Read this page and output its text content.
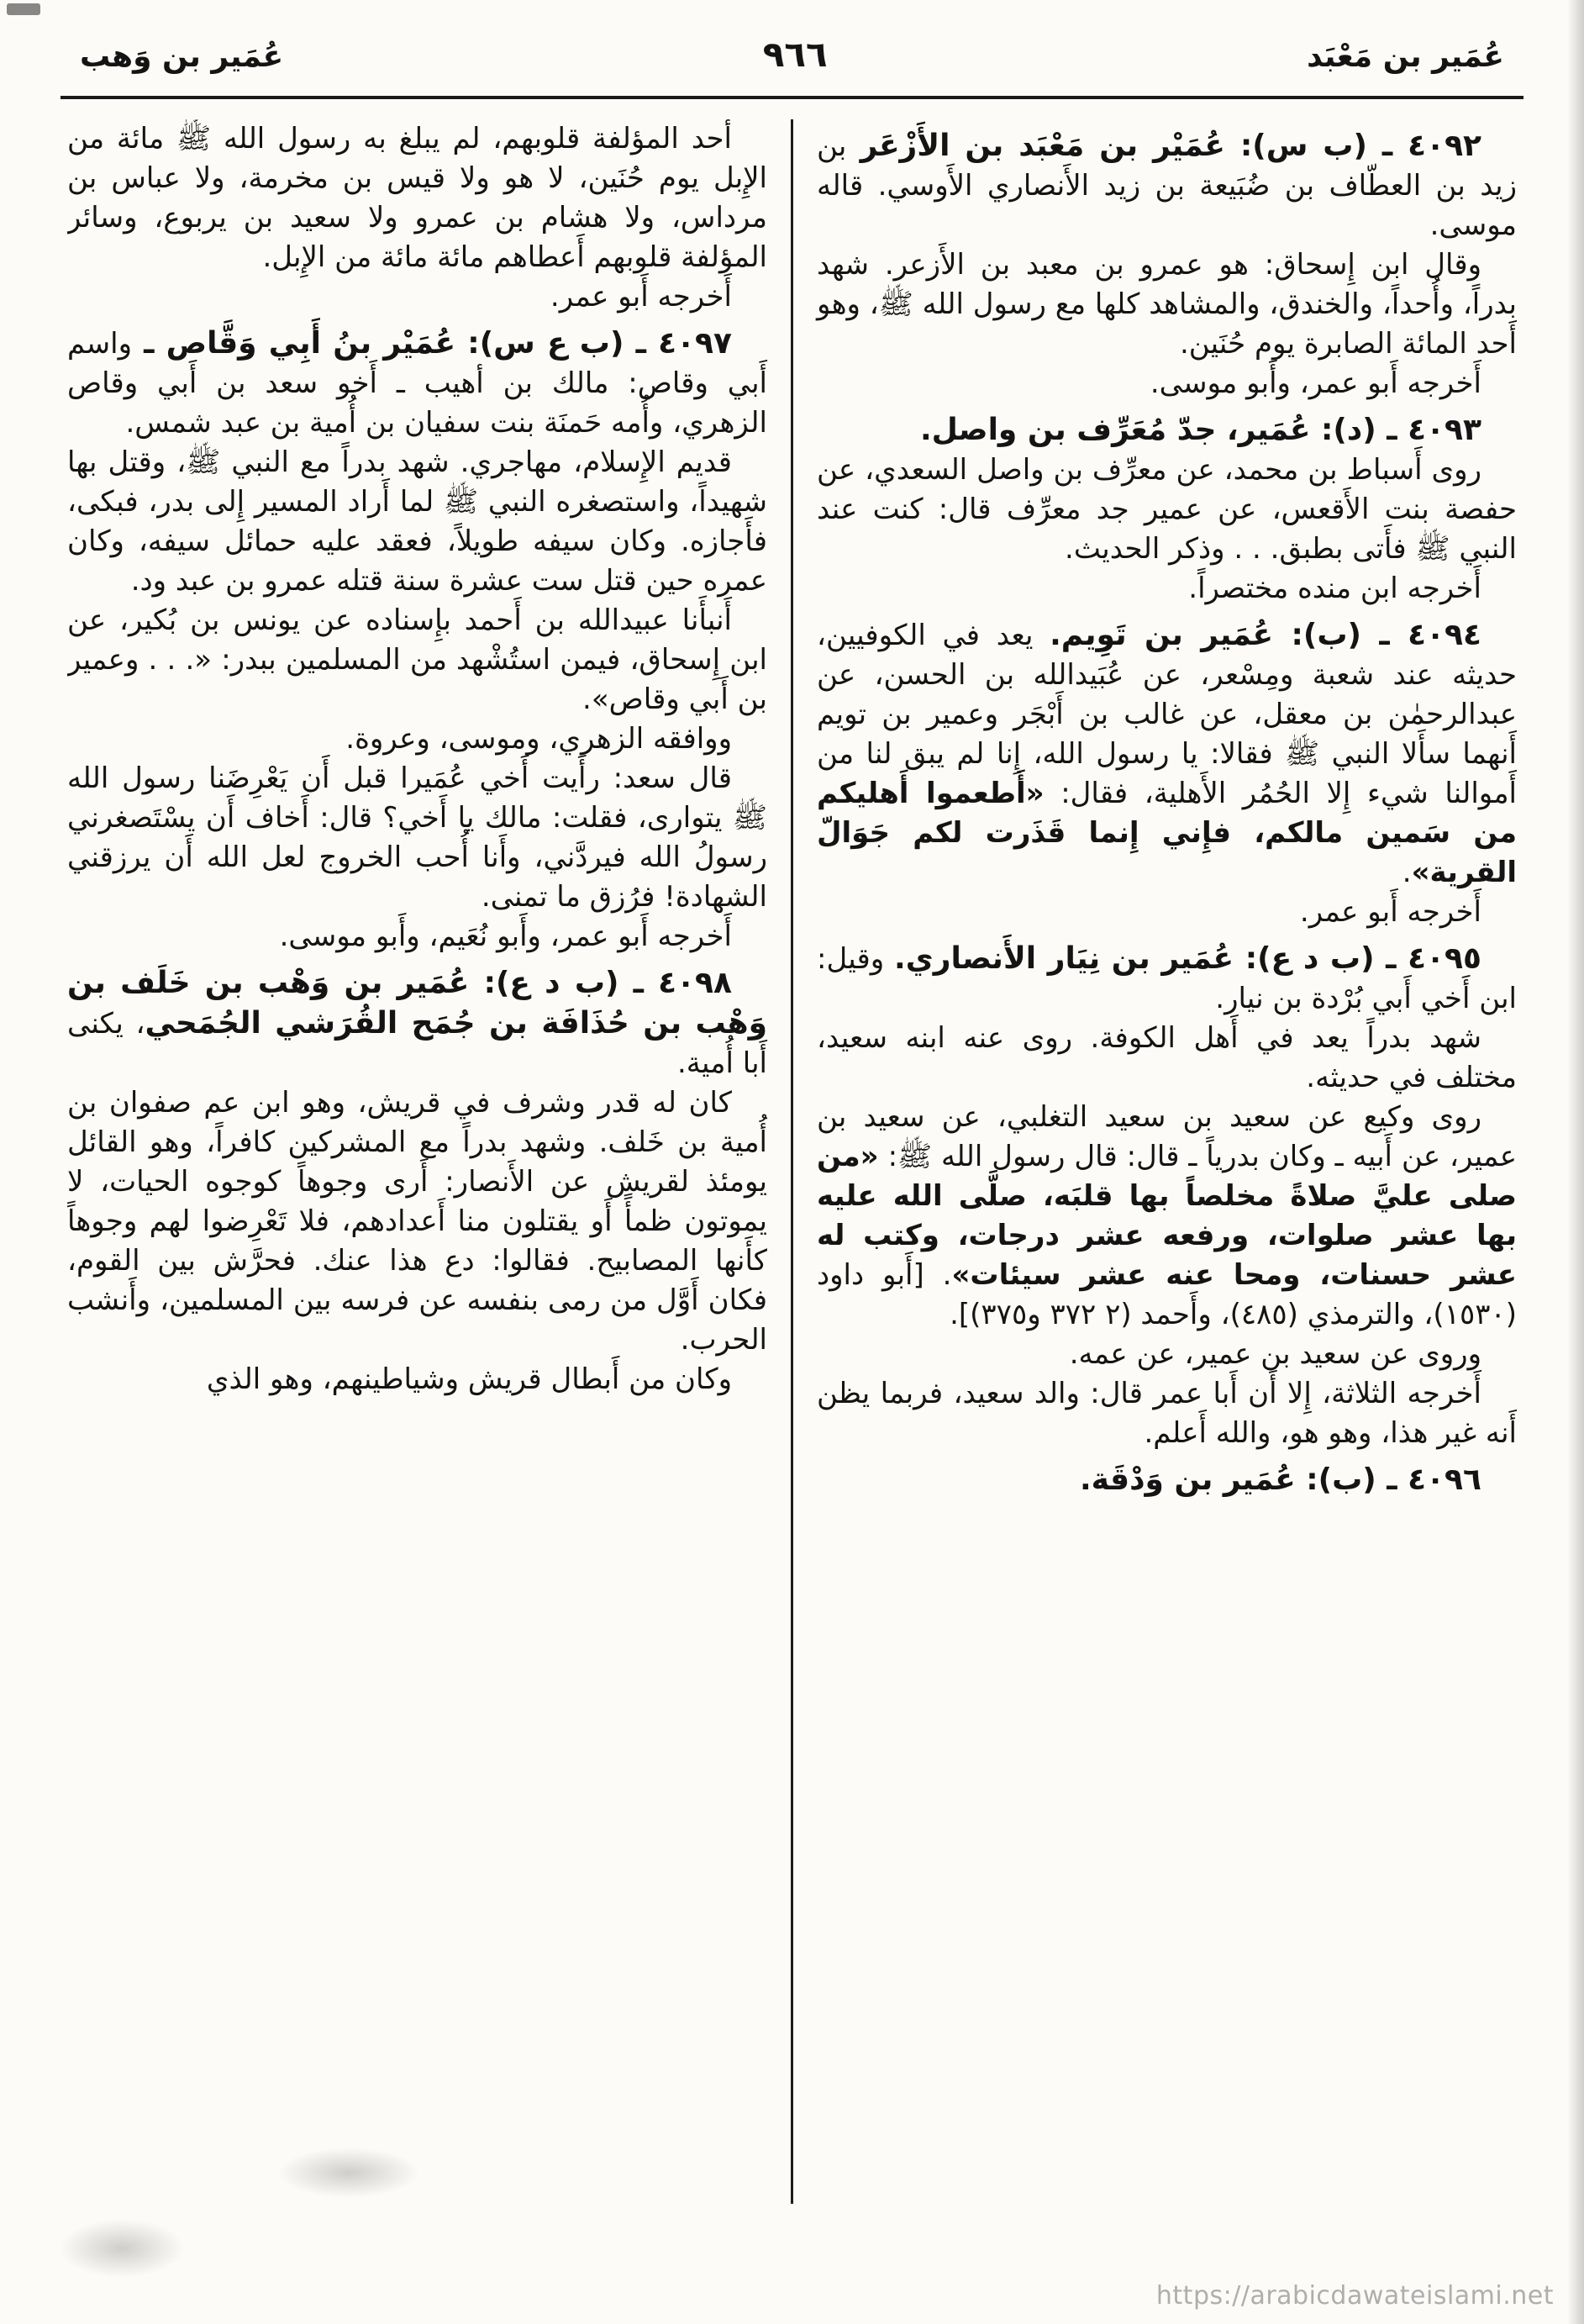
عُمَير بن مَعْبَد
٩٦٦
عُمَير بن وَهب

٤٠٩٢ ـ (ب س): عُمَيْر بن مَعْبَد بن الأَزْعَر بن زيد بن العطّاف بن ضُبَيعة بن زيد الأَنصاري الأَوسي. قاله موسى.

وقال ابن إِسحاق: هو عمرو بن معبد بن الأَزعر. شهد بدراً، وأُحداً، والخندق، والمشاهد كلها مع رسول الله ﷺ، وهو أَحد المائة الصابرة يوم حُنَين.

أَخرجه أَبو عمر، وأَبو موسى.

٤٠٩٣ ـ (د): عُمَير، جدّ مُعَرِّف بن واصل.

روى أَسباط بن محمد، عن معرِّف بن واصل السعدي، عن حفصة بنت الأَقعس، عن عمير جد معرِّف قال: كنت عند النبي ﷺ فأَتى بطبق. . . وذكر الحديث.

أَخرجه ابن منده مختصراً.

٤٠٩٤ ـ (ب): عُمَير بن تَوِيم. يعد في الكوفيين، حديثه عند شعبة ومِسْعر، عن عُبَيدالله بن الحسن، عن عبدالرحمٰن بن معقل، عن غالب بن أَبْجَر وعمير بن تويم أَنهما سأَلا النبي ﷺ فقالا: يا رسول الله، إِنا لم يبق لنا من أَموالنا شيء إِلا الحُمُر الأَهلية، فقال: «أَطعموا أَهليكم من سَمين مالكم، فإِني إِنما قَذَرت لكم جَوَالّ القرية».

أَخرجه أَبو عمر.

٤٠٩٥ ـ (ب د ع): عُمَير بن نِيَار الأَنصاري. وقيل: ابن أَخي أَبي بُرْدة بن نيار.

شهد بدراً يعد في أَهل الكوفة. روى عنه ابنه سعيد، مختلف في حديثه.

روى وكيع عن سعيد بن سعيد التغلبي، عن سعيد بن عمير، عن أَبيه ـ وكان بدرياً ـ قال: قال رسول الله ﷺ: «من صلى عليَّ صلاةً مخلصاً بها قلبَه، صلَّى الله عليه بها عشر صلوات، ورفعه عشر درجات، وكتب له عشر حسنات، ومحا عنه عشر سيئات». [أَبو داود (١٥٣٠)، والترمذي (٤٨٥)، وأَحمد (٢ ٣٧٢ و٣٧٥)].

وروى عن سعيد بن عمير، عن عمه.

أَخرجه الثلاثة، إِلا أَن أَبا عمر قال: والد سعيد، فربما يظن أَنه غير هذا، وهو هو، والله أَعلم.

٤٠٩٦ ـ (ب): عُمَير بن وَدْقَة.

أَحد المؤلفة قلوبهم، لم يبلغ به رسول الله ﷺ مائة من الإِبل يوم حُنَين، لا هو ولا قيس بن مخرمة، ولا عباس بن مرداس، ولا هشام بن عمرو ولا سعيد بن يربوع، وسائر المؤلفة قلوبهم أَعطاهم مائة مائة من الإِبل.

أَخرجه أَبو عمر.

٤٠٩٧ ـ (ب ع س): عُمَيْر بنُ أَبِي وَقَّاص ـ واسم أَبي وقاص: مالك بن أهيب ـ أَخو سعد بن أَبي وقاص الزهري، وأُمه حَمنَة بنت سفيان بن أُمية بن عبد شمس.

قديم الإِسلام، مهاجري. شهد بدراً مع النبي ﷺ، وقتل بها شهيداً، واستصغره النبي ﷺ لما أَراد المسير إِلى بدر، فبكى، فأَجازه. وكان سيفه طويلاً، فعقد عليه حمائل سيفه، وكان عمره حين قتل ست عشرة سنة قتله عمرو بن عبد ود.

أَنبأَنا عبيدالله بن أَحمد بإِسناده عن يونس بن بُكير، عن ابن إِسحاق، فيمن استُشْهد من المسلمين ببدر: «. . . وعمير بن أَبي وقاص».

ووافقه الزهري، وموسى، وعروة.

قال سعد: رأَيت أَخي عُمَيرا قبل أَن يَعْرِضَنا رسول الله ﷺ يتوارى، فقلت: مالك يا أَخي؟ قال: أَخاف أَن يسْتَصغرني رسولُ الله فيردَّني، وأَنا أُحب الخروج لعل الله أَن يرزقني الشهادة! فرُزق ما تمنى.

أَخرجه أَبو عمر، وأَبو نُعَيم، وأَبو موسى.

٤٠٩٨ ـ (ب د ع): عُمَير بن وَهْب بن خَلَف بن وَهْب بن حُذَافَة بن جُمَح القُرَشي الجُمَحي، يكنى أَبا أُمية.

كان له قدر وشرف في قريش، وهو ابن عم صفوان بن أُمية بن خَلف. وشهد بدراً مع المشركين كافراً، وهو القائل يومئذ لقريش عن الأَنصار: أَرى وجوهاً كوجوه الحيات، لا يموتون ظمأً أَو يقتلون منا أَعدادهم، فلا تَعْرِضوا لهم وجوهاً كأَنها المصابيح. فقالوا: دع هذا عنك. فحرَّش بين القوم، فكان أَوَّل من رمى بنفسه عن فرسه بين المسلمين، وأَنشب الحرب.

وكان من أَبطال قريش وشياطينهم، وهو الذي

https://arabicdawateislami.net
